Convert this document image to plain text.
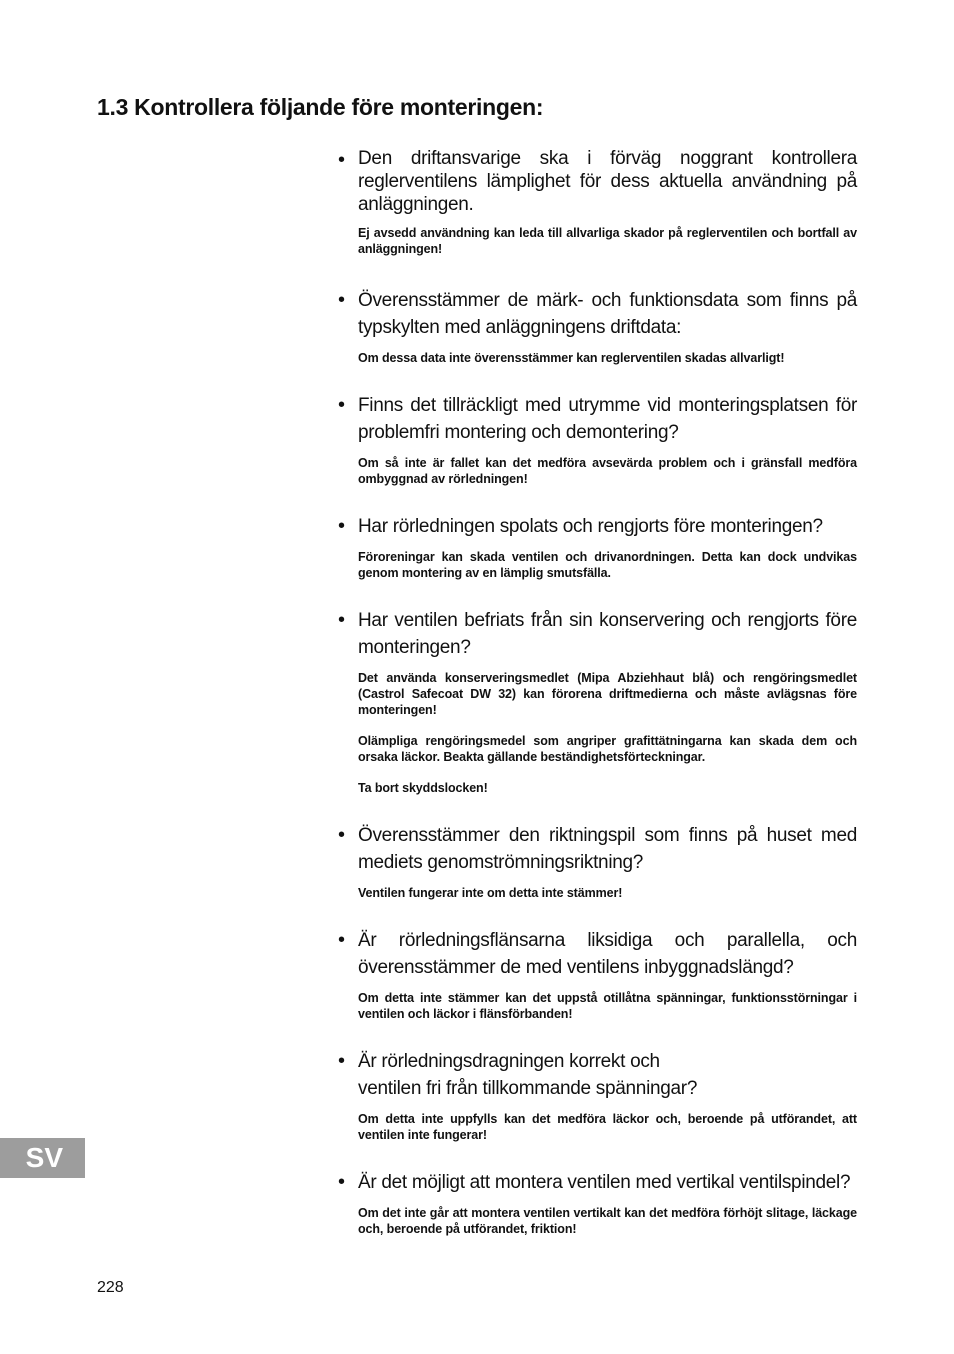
1.3 Kontrollera följande före monteringen:
• Den driftansvarige ska i förväg noggrant kontrollera reglerventilens lämplighet för dess aktuella användning på anläggningen.
Ej avsedd användning kan leda till allvarliga skador på reglerventilen och bortfall av anläggningen!
• Överensstämmer de märk- och funktionsdata som finns på typskylten med anläggningens driftdata:
Om dessa data inte överensstämmer kan reglerventilen skadas allvarligt!
• Finns det tillräckligt med utrymme vid monteringsplatsen för problemfri montering och demontering?
Om så inte är fallet kan det medföra avsevärda problem och i gränsfall medföra ombyggnad av rörledningen!
• Har rörledningen spolats och rengjorts före monteringen?
Föroreningar kan skada ventilen och drivanordningen. Detta kan dock undvikas genom montering av en lämplig smutsfälla.
• Har ventilen befriats från sin konservering och rengjorts före monteringen?
Det använda konserveringsmedlet (Mipa Abziehhaut blå) och rengöringsmedlet (Castrol Safecoat DW 32) kan förorena driftmedierna och måste avlägsnas före monteringen!
Olämpliga rengöringsmedel som angriper grafittätningarna kan skada dem och orsaka läckor. Beakta gällande beständighetsförteckningar.
Ta bort skyddslocken!
• Överensstämmer den riktningspil som finns på huset med mediets genomströmningsriktning?
Ventilen fungerar inte om detta inte stämmer!
• Är rörledningsflänsarna liksidiga och parallella, och överensstämmer de med ventilens inbyggnadslängd?
Om detta inte stämmer kan det uppstå otillåtna spänningar, funktionsstörningar i ventilen och läckor i flänsförbanden!
• Är rörledningsdragningen korrekt och
ventilen fri från tillkommande spänningar?
Om detta inte uppfylls kan det medföra läckor och, beroende på utförandet, att ventilen inte fungerar!
• Är det möjligt att montera ventilen med vertikal ventilspindel?
Om det inte går att montera ventilen vertikalt kan det medföra förhöjt slitage, läckage och, beroende på utförandet, friktion!
SV
228
